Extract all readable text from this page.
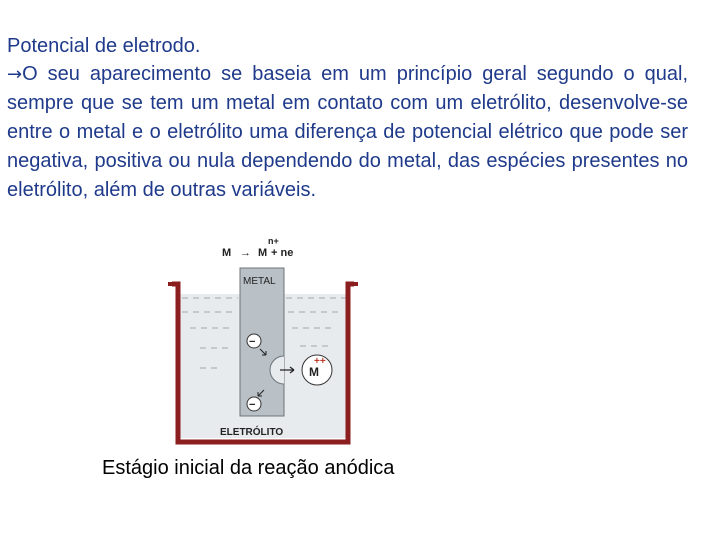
Potencial de eletrodo.
→O seu aparecimento se baseia em um princípio geral segundo o qual, sempre que se tem um metal em contato com um eletrólito, desenvolve-se entre o metal e o eletrólito uma diferença de potencial elétrico que pode ser negativa, positiva ou nula dependendo do metal, das espécies presentes no eletrólito, além de outras variáveis.
M → M
n+
+ ne
METAL
−
−
M
++
ELETRÓLITO
Estágio inicial da reação anódica
